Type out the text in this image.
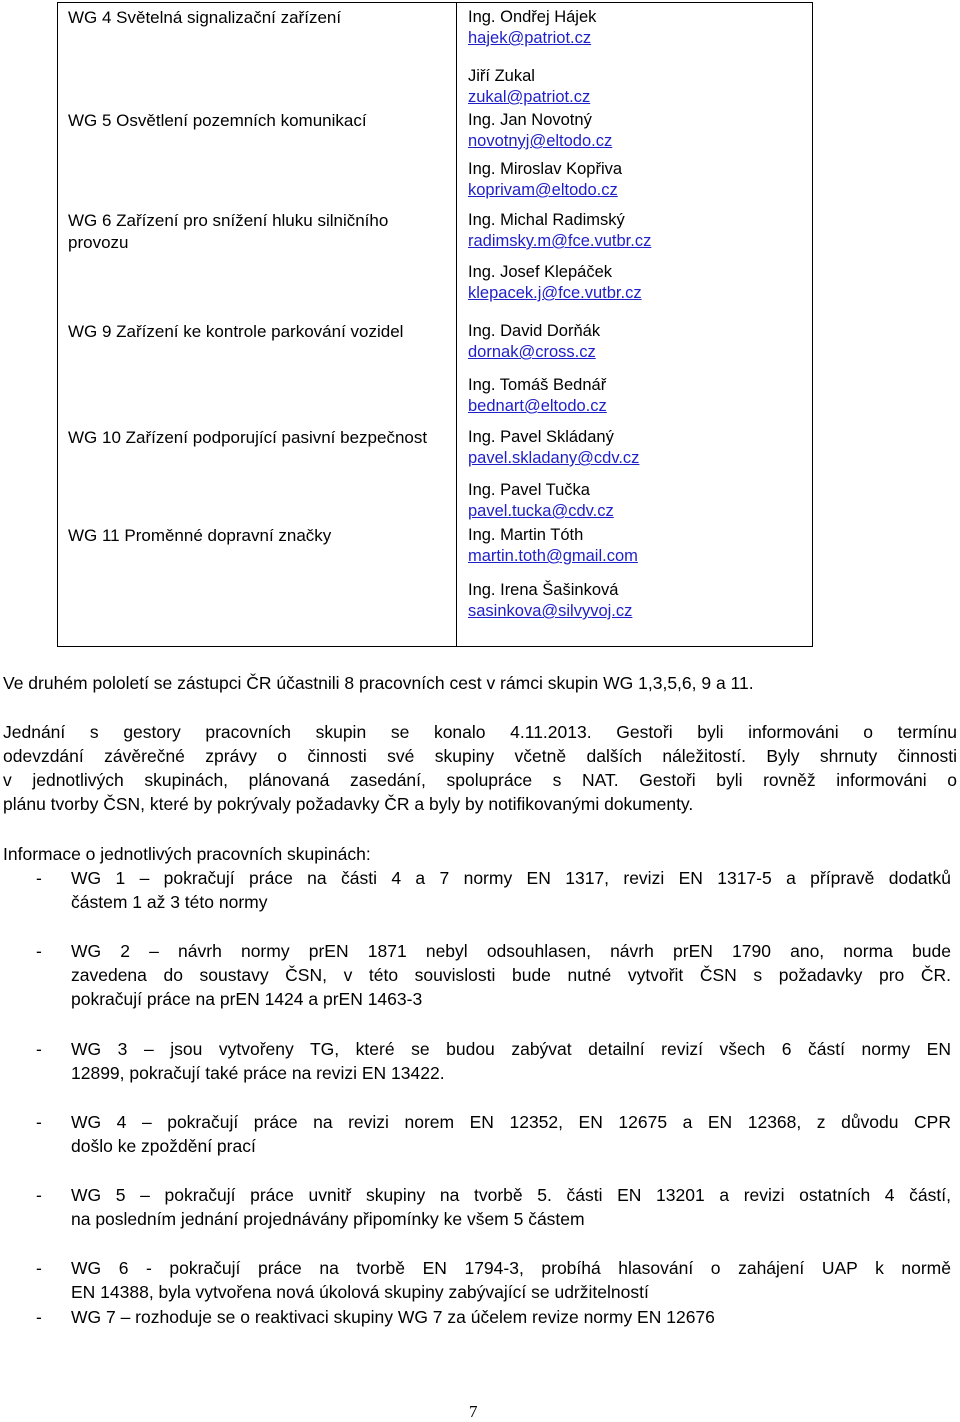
WG 4 Světelná signalizační zařízení
WG 5 Osvětlení pozemních komunikací
WG 6 Zařízení pro snížení hluku silničního provozu
WG 9 Zařízení ke kontrole parkování vozidel
WG 10 Zařízení podporující pasivní bezpečnost
WG 11 Proměnné dopravní značky
Ing. Ondřej Hájek
hajek@patriot.cz
Jiří Zukal
zukal@patriot.cz
Ing. Jan Novotný
novotnyj@eltodo.cz
Ing. Miroslav Kopřiva
koprivam@eltodo.cz
Ing. Michal Radimský
radimsky.m@fce.vutbr.cz
Ing. Josef Klepáček
klepacek.j@fce.vutbr.cz
Ing. David Dorňák
dornak@cross.cz
Ing. Tomáš Bednář
bednart@eltodo.cz
Ing. Pavel Skládaný
pavel.skladany@cdv.cz
Ing. Pavel Tučka
pavel.tucka@cdv.cz
Ing. Martin Tóth
martin.toth@gmail.com
Ing. Irena Šašinková
sasinkova@silvyvoj.cz
Ve druhém pololetí se zástupci ČR účastnili 8 pracovních cest v rámci skupin WG 1,3,5,6, 9 a 11.
Jednání s gestory pracovních skupin se konalo 4.11.2013. Gestoři byli informováni o termínu
odevzdání závěrečné zprávy o činnosti své skupiny včetně dalších náležitostí. Byly shrnuty činnosti
v jednotlivých skupinách, plánovaná zasedání, spolupráce s NAT. Gestoři byli rovněž informováni o
plánu tvorby ČSN, které by pokrývaly požadavky ČR a byly by notifikovanými dokumenty.
Informace o jednotlivých pracovních skupinách:
- WG 1 – pokračují práce na části 4 a 7 normy EN 1317, revizi EN 1317-5 a přípravě dodatků
částem 1 až 3 této normy
- WG 2 – návrh normy prEN 1871 nebyl odsouhlasen, návrh prEN 1790 ano, norma bude
zavedena do soustavy ČSN, v této souvislosti bude nutné vytvořit ČSN s požadavky pro ČR.
pokračují práce na prEN 1424 a prEN 1463-3
- WG 3 – jsou vytvořeny TG, které se budou zabývat detailní revizí všech 6 částí normy EN
12899, pokračují také práce na revizi EN 13422.
- WG 4 – pokračují práce na revizi norem EN 12352, EN 12675 a EN 12368, z důvodu CPR
došlo ke zpoždění prací
- WG 5 – pokračují práce uvnitř skupiny na tvorbě 5. části EN 13201 a revizi ostatních 4 částí,
na posledním jednání projednávány připomínky ke všem 5 částem
- WG 6 - pokračují práce na tvorbě EN 1794-3, probíhá hlasování o zahájení UAP k normě
EN 14388, byla vytvořena nová úkolová skupiny zabývající se udržitelností
- WG 7 – rozhoduje se o reaktivaci skupiny WG 7 za účelem revize normy EN 12676
7
